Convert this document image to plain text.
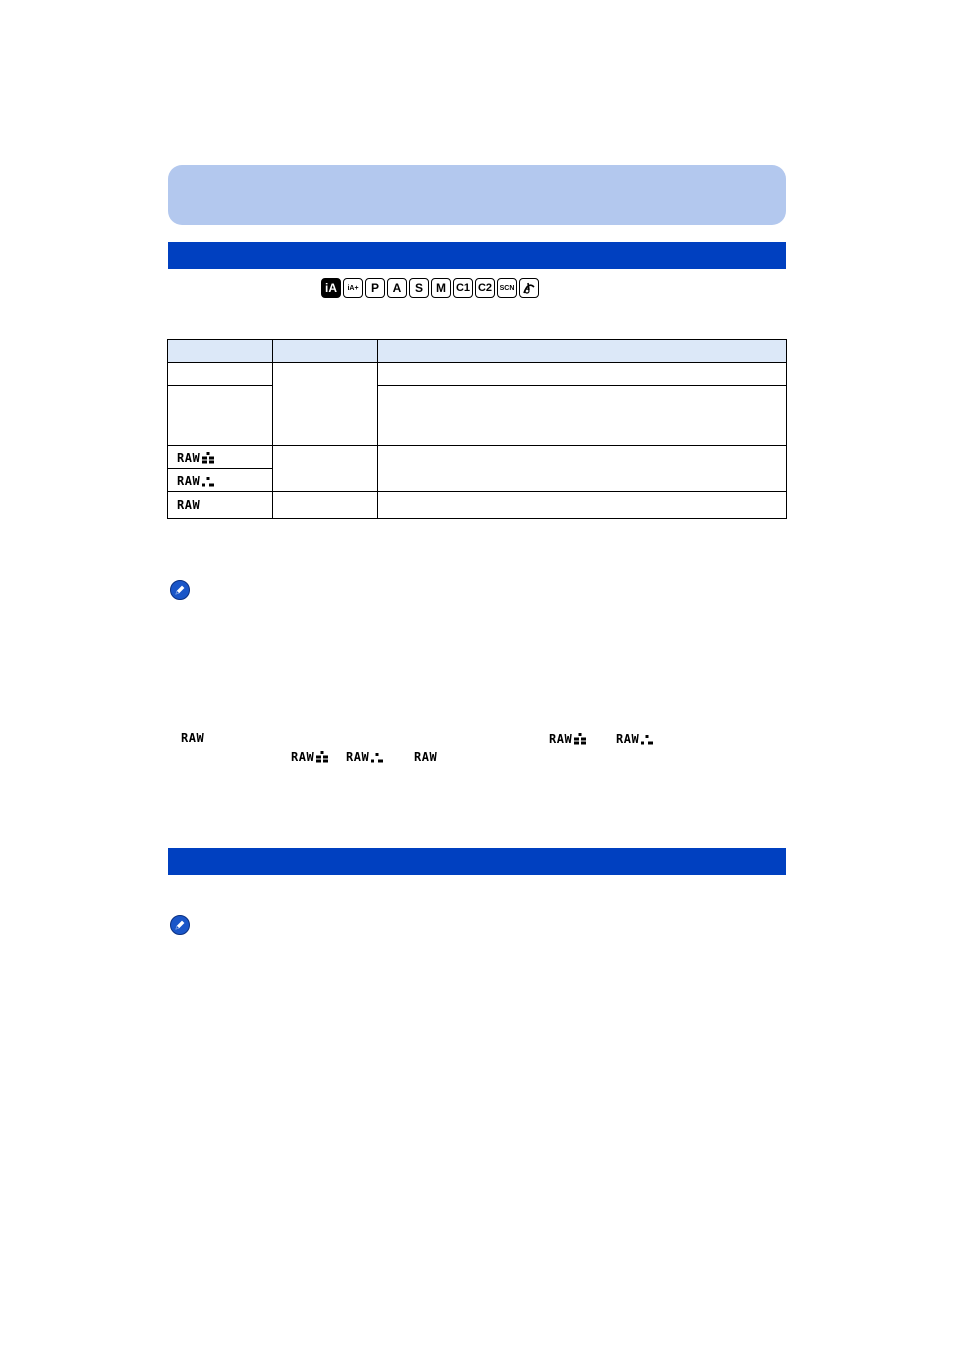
iA iA+ P A S M C1 C2 SCN
RAW
RAW
RAW
RAW	RAW	RAW
RAW	RAW	RAW
